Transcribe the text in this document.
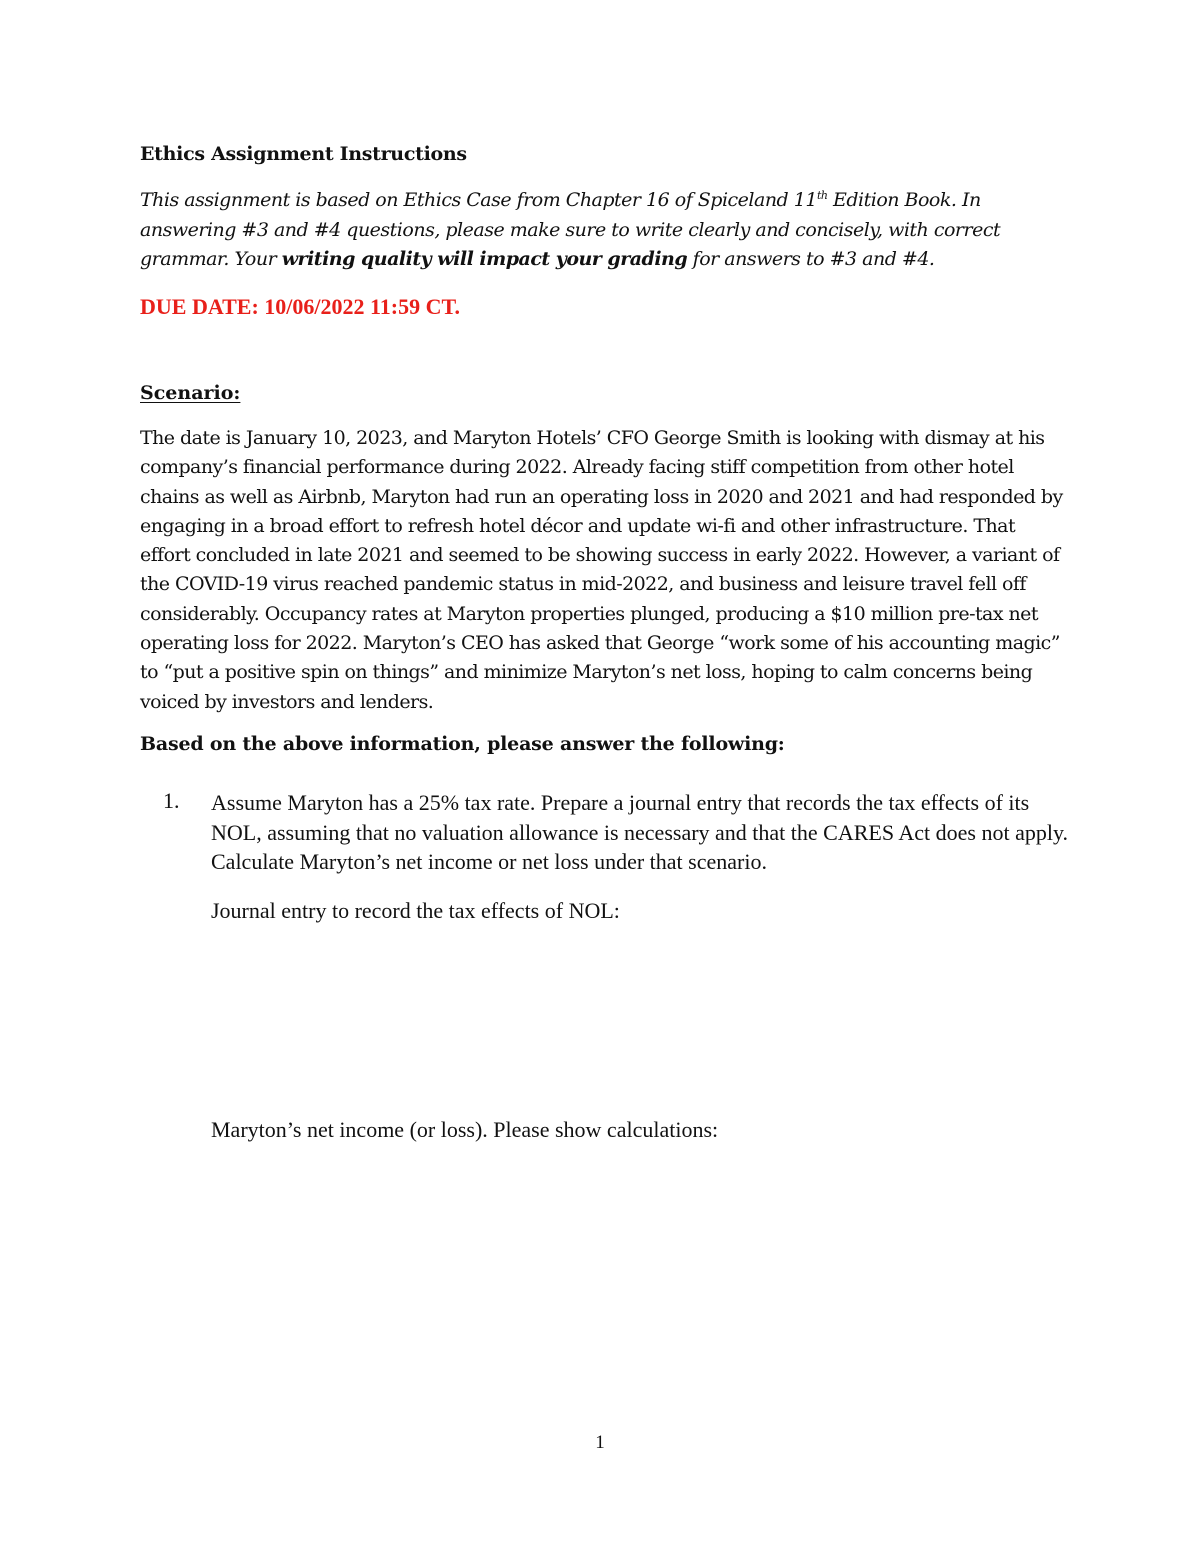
Ethics Assignment Instructions
This assignment is based on Ethics Case from Chapter 16 of Spiceland 11th Edition Book. In answering #3 and #4 questions, please make sure to write clearly and concisely, with correct grammar. Your writing quality will impact your grading for answers to #3 and #4.
DUE DATE: 10/06/2022 11:59 CT.
Scenario:
The date is January 10, 2023, and Maryton Hotels’ CFO George Smith is looking with dismay at his company’s financial performance during 2022. Already facing stiff competition from other hotel chains as well as Airbnb, Maryton had run an operating loss in 2020 and 2021 and had responded by engaging in a broad effort to refresh hotel décor and update wi-fi and other infrastructure. That effort concluded in late 2021 and seemed to be showing success in early 2022. However, a variant of the COVID-19 virus reached pandemic status in mid-2022, and business and leisure travel fell off considerably. Occupancy rates at Maryton properties plunged, producing a $10 million pre-tax net operating loss for 2022. Maryton’s CEO has asked that George “work some of his accounting magic” to “put a positive spin on things” and minimize Maryton’s net loss, hoping to calm concerns being voiced by investors and lenders.
Based on the above information, please answer the following:
1. Assume Maryton has a 25% tax rate. Prepare a journal entry that records the tax effects of its NOL, assuming that no valuation allowance is necessary and that the CARES Act does not apply. Calculate Maryton’s net income or net loss under that scenario.
Journal entry to record the tax effects of NOL:
Maryton’s net income (or loss). Please show calculations:
1
